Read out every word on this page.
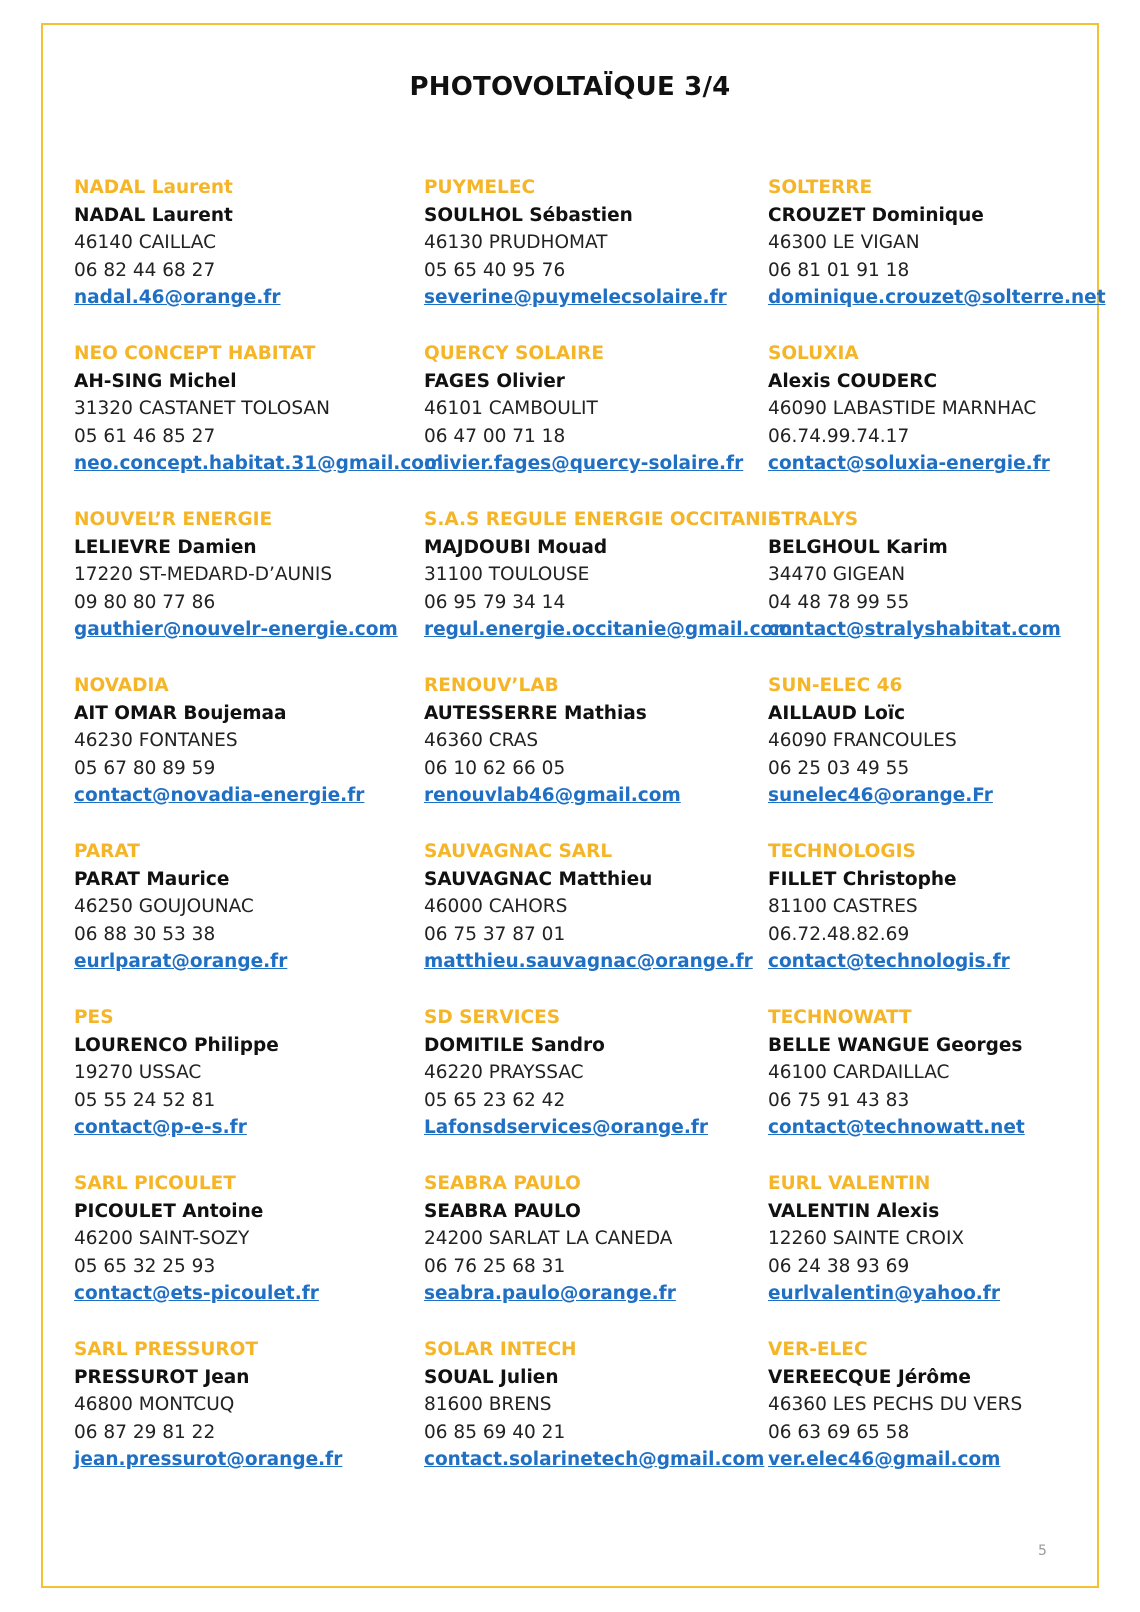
PHOTOVOLTAÏQUE 3/4
NADAL Laurent
NADAL Laurent
46140 CAILLAC
06 82 44 68 27
nadal.46@orange.fr
PUYMELEC
SOULHOL Sébastien
46130 PRUDHOMAT
05 65 40 95 76
severine@puymelecsolaire.fr
SOLTERRE
CROUZET Dominique
46300 LE VIGAN
06 81 01 91 18
dominique.crouzet@solterre.net
NEO CONCEPT HABITAT
AH-SING Michel
31320 CASTANET TOLOSAN
05 61 46 85 27
neo.concept.habitat.31@gmail.com
QUERCY SOLAIRE
FAGES Olivier
46101 CAMBOULIT
06 47 00 71 18
olivier.fages@quercy-solaire.fr
SOLUXIA
Alexis COUDERC
46090 LABASTIDE MARNHAC
06.74.99.74.17
contact@soluxia-energie.fr
NOUVEL’R ENERGIE
LELIEVRE Damien
17220 ST-MEDARD-D’AUNIS
09 80 80 77 86
gauthier@nouvelr-energie.com
S.A.S REGULE ENERGIE OCCITANIE
MAJDOUBI Mouad
31100 TOULOUSE
06 95 79 34 14
regul.energie.occitanie@gmail.com
STRALYS
BELGHOUL Karim
34470 GIGEAN
04 48 78 99 55
contact@stralyshabitat.com
NOVADIA
AIT OMAR Boujemaa
46230 FONTANES
05 67 80 89 59
contact@novadia-energie.fr
RENOUV’LAB
AUTESSERRE Mathias
46360 CRAS
06 10 62 66 05
renouvlab46@gmail.com
SUN-ELEC 46
AILLAUD Loïc
46090 FRANCOULES
06 25 03 49 55
sunelec46@orange.Fr
PARAT
PARAT Maurice
46250 GOUJOUNAC
06 88 30 53 38
eurlparat@orange.fr
SAUVAGNAC SARL
SAUVAGNAC Matthieu
46000 CAHORS
06 75 37 87 01
matthieu.sauvagnac@orange.fr
TECHNOLOGIS
FILLET Christophe
81100 CASTRES
06.72.48.82.69
contact@technologis.fr
PES
LOURENCO Philippe
19270 USSAC
05 55 24 52 81
contact@p-e-s.fr
SD SERVICES
DOMITILE Sandro
46220 PRAYSSAC
05 65 23 62 42
Lafonsdservices@orange.fr
TECHNOWATT
BELLE WANGUE Georges
46100 CARDAILLAC
06 75 91 43 83
contact@technowatt.net
SARL PICOULET
PICOULET Antoine
46200 SAINT-SOZY
05 65 32 25 93
contact@ets-picoulet.fr
SEABRA PAULO
SEABRA PAULO
24200 SARLAT LA CANEDA
06 76 25 68 31
seabra.paulo@orange.fr
EURL VALENTIN
VALENTIN Alexis
12260 SAINTE CROIX
06 24 38 93 69
eurlvalentin@yahoo.fr
SARL PRESSUROT
PRESSUROT Jean
46800 MONTCUQ
06 87 29 81 22
jean.pressurot@orange.fr
SOLAR INTECH
SOUAL Julien
81600 BRENS
06 85 69 40 21
contact.solarinetech@gmail.com
VER-ELEC
VEREECQUE Jérôme
46360 LES PECHS DU VERS
06 63 69 65 58
ver.elec46@gmail.com
5
